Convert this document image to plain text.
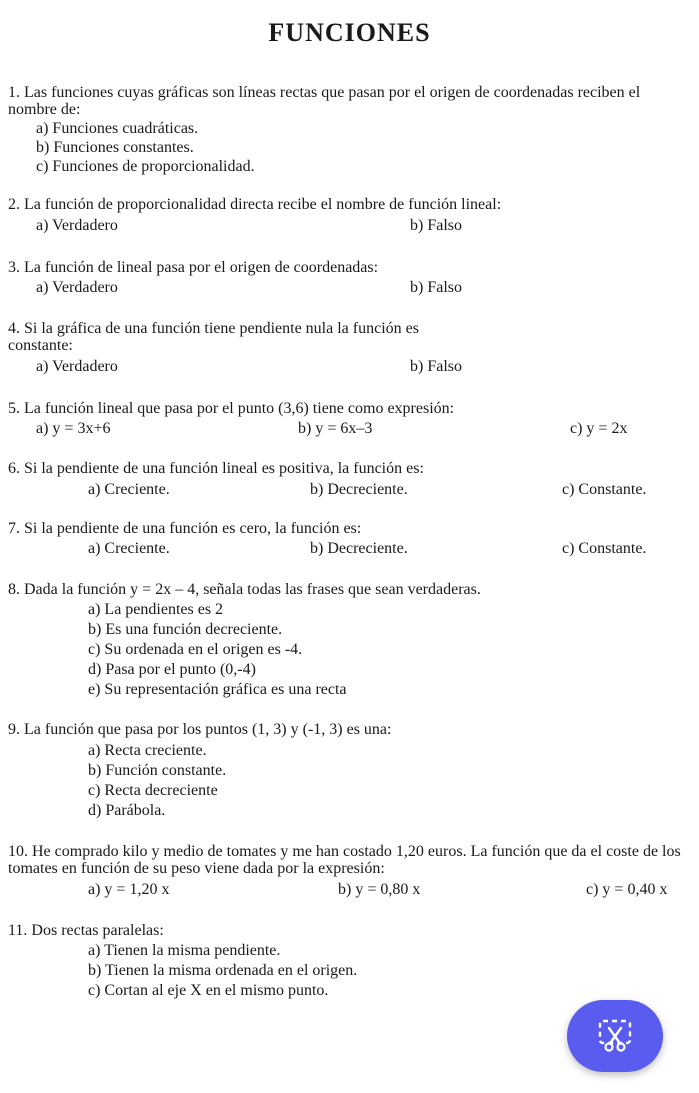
FUNCIONES
1. Las funciones cuyas gráficas son líneas rectas que pasan por el origen de coordenadas reciben el nombre de:
a) Funciones cuadráticas.
b) Funciones constantes.
c) Funciones de proporcionalidad.
2. La función de proporcionalidad directa recibe el nombre de función lineal:
a) Verdadero	b) Falso
3. La función de lineal pasa por el origen de coordenadas:
a) Verdadero	b) Falso
4. Si la gráfica de una función tiene pendiente nula la función es constante:
a) Verdadero	b) Falso
5. La función lineal que pasa por el punto (3,6) tiene como expresión:
a) y = 3x+6	b) y = 6x–3	c) y = 2x
6. Si la pendiente de una función lineal es positiva, la función es:
a) Creciente.	b) Decreciente.	c) Constante.
7. Si la pendiente de una función es cero, la función es:
a) Creciente.	b) Decreciente.	c) Constante.
8. Dada la función y = 2x – 4, señala todas las frases que sean verdaderas.
a) La pendientes es 2
b) Es una función decreciente.
c) Su ordenada en el origen es -4.
d) Pasa por el punto (0,-4)
e) Su representación gráfica es una recta
9. La función que pasa por los puntos (1, 3) y (-1, 3) es una:
a) Recta creciente.
b) Función constante.
c) Recta decreciente
d) Parábola.
10. He comprado kilo y medio de tomates y me han costado 1,20 euros. La función que da el coste de los tomates en función de su peso viene dada por la expresión:
a) y = 1,20 x	b) y = 0,80 x	c) y = 0,40 x
11. Dos rectas paralelas:
a) Tienen la misma pendiente.
b) Tienen la misma ordenada en el origen.
c) Cortan al eje X en el mismo punto.
